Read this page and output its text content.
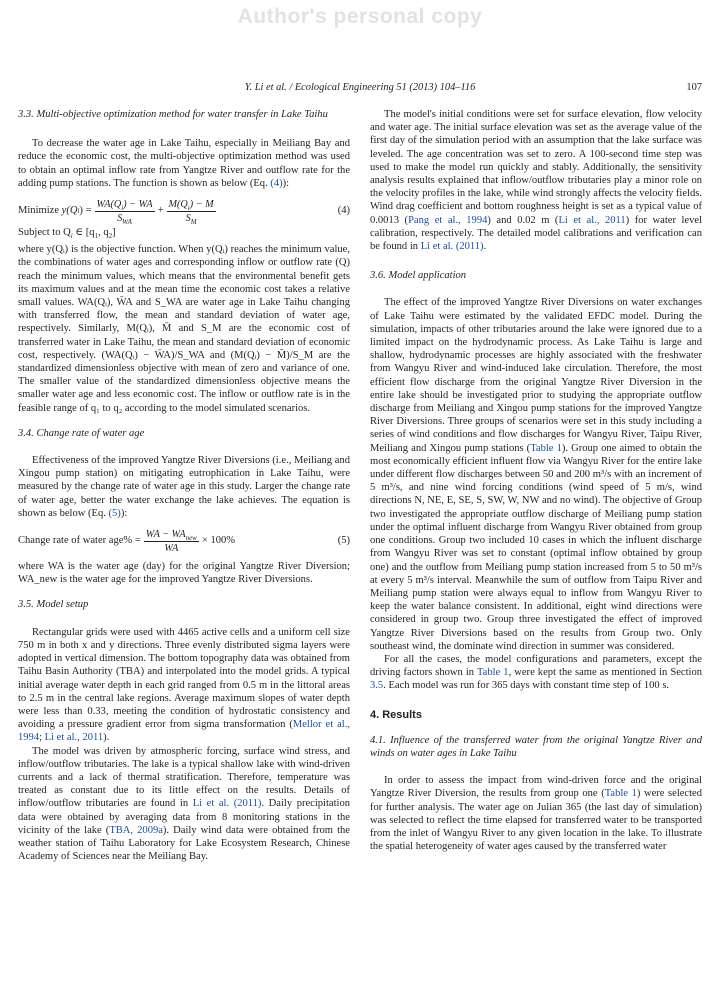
Author's personal copy
Y. Li et al. / Ecological Engineering 51 (2013) 104–116	107

3.3. Multi-objective optimization method for water transfer in Lake Taihu

To decrease the water age in Lake Taihu, especially in Meiliang Bay and reduce the economic cost, the multi-objective optimization method was used to obtain an optimal inflow rate from Yangtze River and outflow rate for the adding pump stations. The function is shown as below (Eq. (4)):

Minimize
y(Q i ) = $\frac{WA(Q_i) - WA}{S_{WA}} + \frac{M(Q_i) - M}{S_M}$	(4)
Subject to $Q_i$ ∈ [$q_1$, $q_2$]

where y(Qᵢ) is the objective function. When y(Qᵢ) reaches the minimum value, the combinations of water ages and corresponding inflow or outflow rate (Q) reach the minimum values, which means that the environmental benefit gets its maximum values and at the mean time the economic cost takes a relative small values. WA(Qᵢ), W̄A and S_WA are water age in Lake Taihu changing with transferred flow, the mean and standard deviation of water age, respectively. Similarly, M(Qᵢ), M̄ and S_M are the economic cost of transferred water in Lake Taihu, the mean and standard deviation of economic cost, respectively. (WA(Qᵢ) − W̄A)/S_WA and (M(Qᵢ) − M̄)/S_M are the standardized dimensionless objective with mean of zero and variance of one. The smaller value of the standardized dimensionless objective means the smaller water age and less economic cost. The inflow or outflow rate is in the feasible range of q₁ to q₂ according to the model simulated scenarios.

3.4. Change rate of water age

Effectiveness of the improved Yangtze River Diversions (i.e., Meiliang and Xingou pump station) on mitigating eutrophication in Lake Taihu, were measured by the change rate of water age in this study. Larger the change rate of water age, better the water exchange the lake achieves. The equation is shown as below (Eq. (5)):

Change rate of water $age\% = \frac{WA - WA_{new}}{WA} \times 100\%$	(5)

where WA is the water age (day) for the original Yangtze River Diversion; WA_new is the water age for the improved Yangtze River Diversions.

3.5. Model setup

Rectangular grids were used with 4465 active cells and a uniform cell size 750 m in both x and y directions. Three evenly distributed sigma layers were adopted in vertical dimension. The bottom topography data was obtained from Taihu Basin Authority (TBA) and interpolated into the model grids. A typical initial average water depth in each grid ranged from 0.5 m in the littoral areas to 2.5 m in the central lake regions. Average maximum slopes of water depth were less than 0.33, meeting the condition of hydrostatic consistency and avoiding a pressure gradient error from sigma transformation (Mellor et al., 1994; Li et al., 2011).

The model was driven by atmospheric forcing, surface wind stress, and inflow/outflow tributaries. The lake is a typical shallow lake with wind-driven currents and a lack of thermal stratification. Therefore, temperature was treated as constant due to its little effect on the results. Details of inflow/outflow tributaries are found in Li et al. (2011). Daily precipitation data were obtained by averaging data from 8 monitoring stations in the vicinity of the lake (TBA, 2009a). Daily wind data were obtained from the weather station of Taihu Laboratory for Lake Ecosystem Research, Chinese Academy of Sciences near the Meiliang Bay.

The model's initial conditions were set for surface elevation, flow velocity and water age. The initial surface elevation was set as the average value of the first day of the simulation period with an assumption that the lake surface was leveled. The age concentration was set to zero. A 100-second time step was used to make the model run quickly and stably. Additionally, the sensitivity analysis results explained that inflow/outflow tributaries play a minor role on the velocity profiles in the lake, while wind strongly affects the velocity fields. Wind drag coefficient and bottom roughness height is set as a typical value of 0.0013 (Pang et al., 1994) and 0.02 m (Li et al., 2011) for water level calibration, respectively. The detailed model calibrations and verification can be found in Li et al. (2011).

3.6. Model application

The effect of the improved Yangtze River Diversions on water exchanges of Lake Taihu were estimated by the validated EFDC model. During the simulation, impacts of other tributaries around the lake were ignored due to a limited impact on the hydrodynamic process. As Lake Taihu is large and shallow, hydrodynamic processes are highly associated with the freshwater from Wangyu River and wind-induced lake circulation. Therefore, the most efficient flow discharge from the original Yangtze River Diversion in the entire lake should be investigated prior to studying the appropriate outflow discharge from Meiliang and Xingou pump stations for the improved Yangtze River Diversions. Three groups of scenarios were set in this study including a series of wind conditions and flow discharges for Wangyu River, Taipu River, Meiliang and Xingou pump stations (Table 1). Group one aimed to obtain the most economically efficient influent flow via Wangyu River for the entire lake under different flow discharges between 50 and 200 m³/s with an increment of 5 m³/s, and nine wind forcing conditions (wind speed of 5 m/s, wind directions N, NE, E, SE, S, SW, W, NW and no wind). The objective of Group two investigated the appropriate outflow discharge of Meiliang pump station under the optimal influent discharge from Wangyu River obtained from group one conditions. Group two included 10 cases in which the influent discharge from Wangyu River was set to constant (optimal inflow obtained by group one) and the outflow from Meiliang pump station increased from 5 to 50 m³/s at every 5 m³/s interval. Meanwhile the sum of outflow from Taipu River and Meiliang pump station were always equal to inflow from Wangyu River to keep the water balance consistent. In additional, eight wind directions were considered in group two. Group three investigated the effect of improved Yangtze River Diversions based on the results from Group two. Only southeast wind, the dominate wind direction in summer was considered.

For all the cases, the model configurations and parameters, except the driving factors shown in Table 1, were kept the same as mentioned in Section 3.5. Each model was run for 365 days with constant time step of 100 s.

4. Results

4.1. Influence of the transferred water from the original Yangtze River and winds on water ages in Lake Taihu

In order to assess the impact from wind-driven force and the original Yangtze River Diversion, the results from group one (Table 1) were selected for further analysis. The water age on Julian 365 (the last day of simulation) was selected to reflect the time elapsed for transferred water to be transported from the inlet of Wangyu River to any given location in the lake. To illustrate the spatial heterogeneity of water ages caused by the transferred water
